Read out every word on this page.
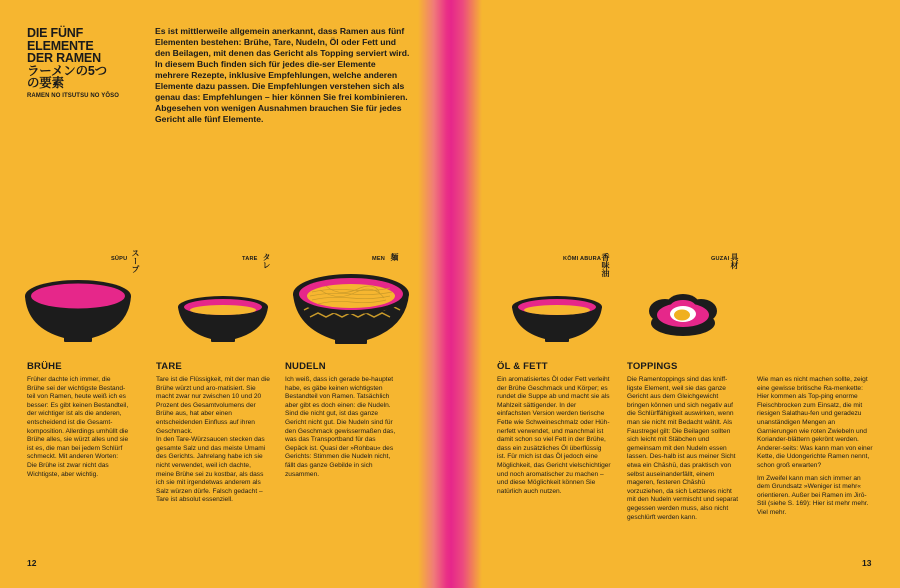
DIE FÜNF
ELEMENTE
DER RAMEN
ラーメンの5つ
の要素
RAMEN NO ITSUTSU NO YŌSO
Es ist mittlerweile allgemein anerkannt, dass Ramen aus fünf Elementen bestehen: Brühe, Tare, Nudeln, Öl oder Fett und den Beilagen, mit denen das Gericht als Topping serviert wird. In diesem Buch finden sich für jedes die-ser Elemente mehrere Rezepte, inklusive Empfehlungen, welche anderen Elemente dazu passen. Die Empfehlungen verstehen sich als genau das: Empfehlungen – hier können Sie frei kombinieren. Abgesehen von wenigen Ausnahmen brauchen Sie für jedes Gericht alle fünf Elemente.
SŪPU スープ	TARE タレ	MEN 麺	KŌMI ABURA 香味油	GUZAI 具材
BRÜHE	TARE	NUDELN	ÖL & FETT	TOPPINGS

Früher dachte ich immer, die Brühe sei der wichtigste Bestand-teil von Ramen, heute weiß ich es besser: Es gibt keinen Bestandteil, der wichtiger ist als die anderen, entscheidend ist die Gesamt-komposition. Allerdings umhüllt die Brühe alles, sie würzt alles und sie ist es, die man bei jedem Schlürf schmeckt. Mit anderen Worten: Die Brühe ist zwar nicht das Wichtigste, aber wichtig.

Tare ist die Flüssigkeit, mit der man die Brühe würzt und aro-matisiert. Sie macht zwar nur zwischen 10 und 20 Prozent des Gesamtvolumens der Brühe aus, hat aber einen entscheidenden Einfluss auf ihren Geschmack.

In den Tare-Würzsaucen stecken das gesamte Salz und das meiste Umami des Gerichts. Jahrelang habe ich sie nicht verwendet, weil ich dachte, meine Brühe sei zu kostbar, als dass ich sie mit irgendetwas anderem als Salz würzen dürfe. Falsch gedacht – Tare ist absolut essenziell.

Ich weiß, dass ich gerade be-hauptet habe, es gäbe keinen wichtigsten Bestandteil von Ramen. Tatsächlich aber gibt es doch einen: die Nudeln. Sind die nicht gut, ist das ganze Gericht nicht gut. Die Nudeln sind für den Geschmack gewissermaßen das, was das Transportband für das Gepäck ist. Quasi der »Rohbau« des Gerichts: Stimmen die Nudeln nicht, fällt das ganze Gebilde in sich zusammen.

Ein aromatisiertes Öl oder Fett verleiht der Brühe Geschmack und Körper; es rundet die Suppe ab und macht sie als Mahlzeit sättigender. In der einfachsten Version werden tierische Fette wie Schweineschmalz oder Hüh-nerfett verwendet, und manchmal ist damit schon so viel Fett in der Brühe, dass ein zusätzliches Öl überflüssig ist. Für mich ist das Öl jedoch eine Möglichkeit, das Gericht vielschichtiger und noch aromatischer zu machen – und diese Möglichkeit können Sie natürlich auch nutzen.

Die Ramentoppings sind das kniff-ligste Element, weil sie das ganze Gericht aus dem Gleichgewicht bringen können und sich negativ auf die Schlürffähigkeit auswirken, wenn man sie nicht mit Bedacht wählt. Als Faustregel gilt: Die Beilagen sollten sich leicht mit Stäbchen und gemeinsam mit den Nudeln essen lassen. Des-halb ist aus meiner Sicht etwa ein Chāshū, das praktisch von selbst auseinanderfällt, einem mageren, festeren Chāshū vorzuziehen, da sich Letzteres nicht mit den Nudeln vermischt und separat gegessen werden muss, also nicht geschlürft werden kann.

Wie man es nicht machen sollte, zeigt eine gewisse britische Ra-menkette: Hier kommen als Top-ping enorme Fleischbrocken zum Einsatz, die mit riesigen Salathau-fen und geradezu unanständigen Mengen an Garnierungen wie roten Zwiebeln und Koriander-blättern gekrönt werden. Anderer-seits: Was kann man von einer Kette, die Udongerichte Ramen nennt, schon groß erwarten?

Im Zweifel kann man sich immer an dem Grundsatz »Weniger ist mehr« orientieren. Außer bei Ramen im Jirō-Stil (siehe S. 169): Hier ist mehr mehr. Viel mehr.

12	13
